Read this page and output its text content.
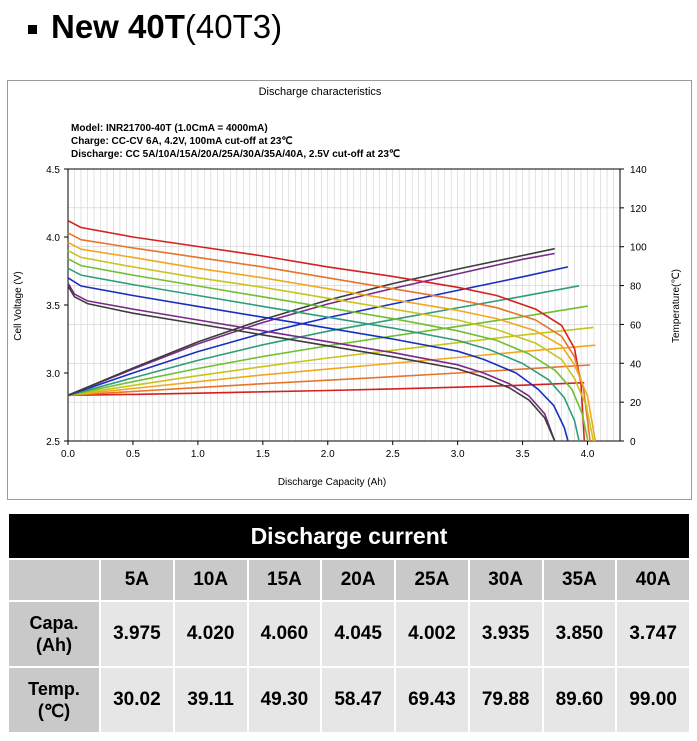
New 40T (40T3)
0.0	0.5	1.0	1.5	2.0	2.5	3.0	3.5	4.0
2.5
3.0
3.5
4.0
4.5
0
20
40
60
80
100
120
140
Discharge characteristics
Model: INR21700-40T (1.0CmA = 4000mA)
Charge: CC-CV 6A, 4.2V, 100mA cut-off at 23℃
Discharge: CC 5A/10A/15A/20A/25A/30A/35A/40A, 2.5V cut-off at 23℃
Discharge Capacity (Ah)
Cell Voltage (V)	Temperature(℃)
Discharge current								
	5A	10A	15A	20A	25A	30A	35A	40A

Capa.
(Ah)	3.975	4.020	4.060	4.045	4.002	3.935	3.850	3.747

Temp.
(℃)	30.02	39.11	49.30	58.47	69.43	79.88	89.60	99.00
